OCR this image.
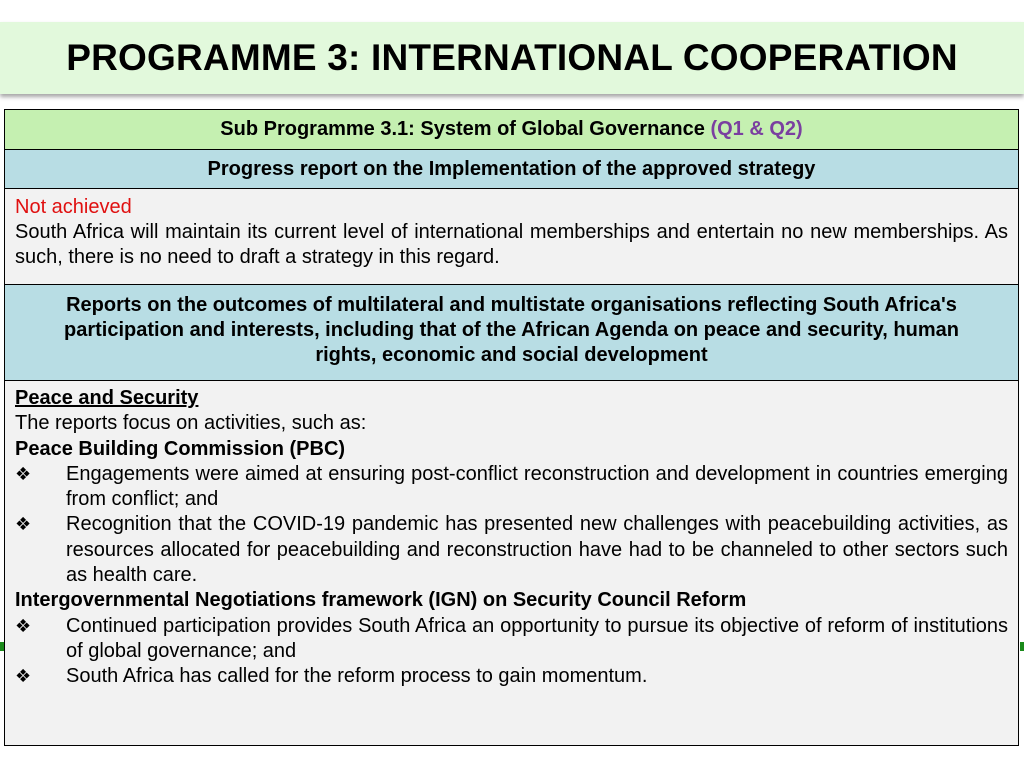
PROGRAMME 3: INTERNATIONAL COOPERATION
Sub Programme 3.1: System of Global Governance
(Q1 & Q2)
Progress report on the Implementation of the approved strategy
Not achieved
South Africa will maintain its current level of international memberships and entertain no new memberships. As such, there is no need to draft a strategy in this regard.
Reports on the outcomes of multilateral and multistate organisations reflecting South Africa's participation and interests, including that of the African Agenda on peace and security, human rights, economic and social development
Peace and Security
The reports focus on activities, such as:
Peace Building Commission (PBC)
❖	Engagements were aimed at ensuring post-conflict reconstruction and development in countries emerging from conflict; and
❖	Recognition that the COVID-19 pandemic has presented new challenges with peacebuilding activities, as resources allocated for peacebuilding and reconstruction have had to be channeled to other sectors such as health care.
Intergovernmental Negotiations framework (IGN) on Security Council Reform
❖	Continued participation provides South Africa an opportunity to pursue its objective of reform of institutions of global governance; and
❖	South Africa has called for the reform process to gain momentum.
